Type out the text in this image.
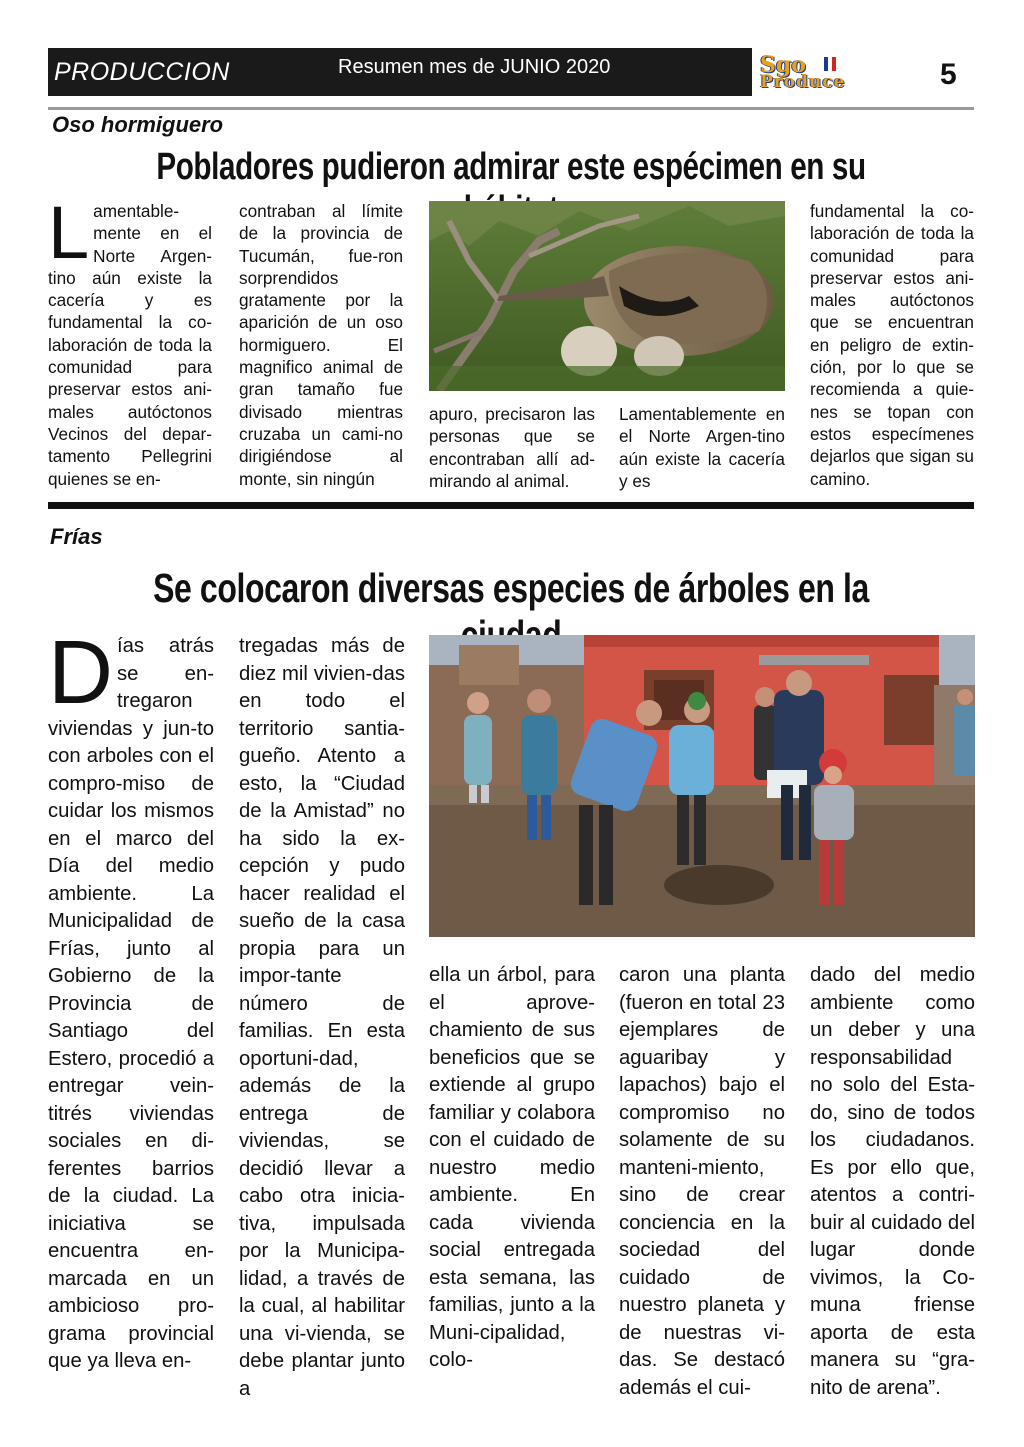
PRODUCCION	Resumen mes de JUNIO 2020	Sgo
Produce	5
Oso hormiguero
Pobladores pudieron admirar este espécimen en su
Lamentable-mente en el Norte Argen-tino aún existe la cacería y es fundamental la co-laboración de toda la comunidad para preservar estos ani-males autóctonos Vecinos del depar-tamento Pellegrini quienes se en-
contraban al límite de la provincia de Tucumán, fue-ron sorprendidos gratamente por la aparición de un oso hormiguero. El magnifico animal de gran tamaño fue divisado mientras cruzaba un cami-no dirigiéndose al monte, sin ningún
apuro, precisaron las personas que se encontraban allí ad-mirando al animal.
Lamentablemente en el Norte Argen-tino aún existe la cacería y es
fundamental la co-laboración de toda la comunidad para preservar estos ani-males autóctonos que se encuentran en peligro de extin-ción, por lo que se recomienda a quie-nes se topan con estos especímenes dejarlos que sigan su camino.
Frías
Se colocaron diversas especies de árboles en la
Días atrás se en-tregaron viviendas y jun-to con arboles con el compro-miso de cuidar los mismos en el marco del Día del medio ambiente. La Municipalidad de Frías, junto al Gobierno de la Provincia de Santiago del Estero, procedió a entregar vein-titrés viviendas sociales en di-ferentes barrios de la ciudad. La iniciativa se encuentra en-marcada en un ambicioso pro-grama provincial que ya lleva en-
tregadas más de diez mil vivien-das en todo el territorio santia-gueño. Atento a esto, la “Ciudad de la Amistad” no ha sido la ex-cepción y pudo hacer realidad el sueño de la casa propia para un impor-tante número de familias. En esta oportuni-dad, además de la entrega de viviendas, se decidió llevar a cabo otra inicia-tiva, impulsada por la Municipa-lidad, a través de la cual, al habilitar una vi-vienda, se debe plantar junto a
ella un árbol, para el aprove-chamiento de sus beneficios que se extiende al grupo familiar y colabora con el cuidado de nuestro medio ambiente. En cada vivienda social entregada esta semana, las familias, junto a la Muni-cipalidad, colo-
caron una planta (fueron en total 23 ejemplares de aguaribay y lapachos) bajo el compromiso no solamente de su manteni-miento, sino de crear conciencia en la sociedad del cuidado de nuestro planeta y de nuestras vi-das. Se destacó además el cui-
dado del medio ambiente como un deber y una responsabilidad no solo del Esta-do, sino de todos los ciudadanos. Es por ello que, atentos a contri-buir al cuidado del lugar donde vivimos, la Co-muna friense aporta de esta manera su “gra-nito de arena”.
